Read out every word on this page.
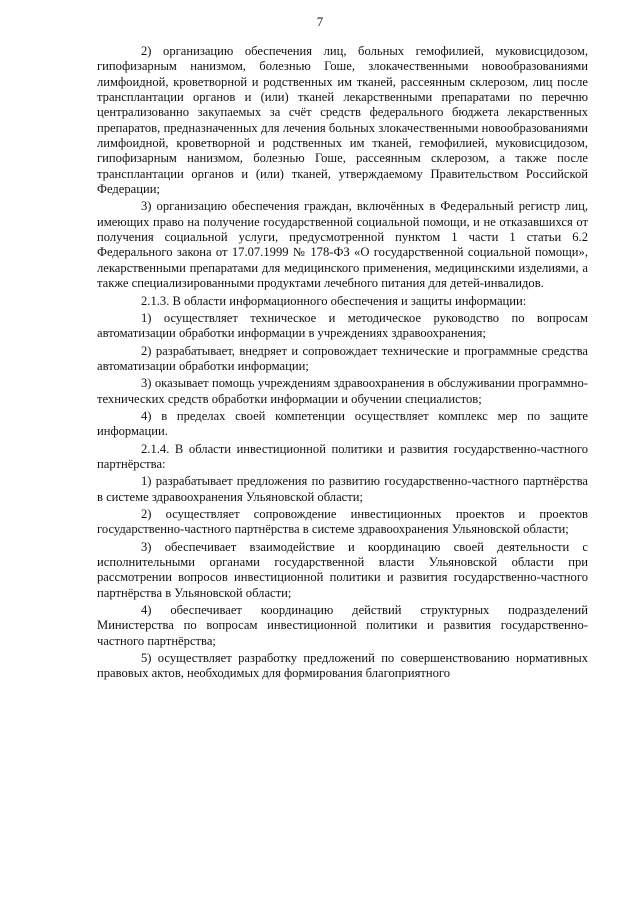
7

2) организацию обеспечения лиц, больных гемофилией, муковисцидозом, гипофизарным нанизмом, болезнью Гоше, злокачественными новообразованиями лимфоидной, кроветворной и родственных им тканей, рассеянным склерозом, лиц после трансплантации органов и (или) тканей лекарственными препаратами по перечню централизованно закупаемых за счёт средств федерального бюджета лекарственных препаратов, предназначенных для лечения больных злокачественными новообразованиями лимфоидной, кроветворной и родственных им тканей, гемофилией, муковисцидозом, гипофизарным нанизмом, болезнью Гоше, рассеянным склерозом, а также после трансплантации органов и (или) тканей, утверждаемому Правительством Российской Федерации;

3) организацию обеспечения граждан, включённых в Федеральный регистр лиц, имеющих право на получение государственной социальной помощи, и не отказавшихся от получения социальной услуги, предусмотренной пунктом 1 части 1 статьи 6.2 Федерального закона от 17.07.1999 № 178-ФЗ «О государственной социальной помощи», лекарственными препаратами для медицинского применения, медицинскими изделиями, а также специализированными продуктами лечебного питания для детей-инвалидов.

2.1.3. В области информационного обеспечения и защиты информации:

1) осуществляет техническое и методическое руководство по вопросам автоматизации обработки информации в учреждениях здравоохранения;

2) разрабатывает, внедряет и сопровождает технические и программные средства автоматизации обработки информации;

3) оказывает помощь учреждениям здравоохранения в обслуживании программно-технических средств обработки информации и обучении специалистов;

4) в пределах своей компетенции осуществляет комплекс мер по защите информации.

2.1.4. В области инвестиционной политики и развития государственно-частного партнёрства:

1) разрабатывает предложения по развитию государственно-частного партнёрства в системе здравоохранения Ульяновской области;

2) осуществляет сопровождение инвестиционных проектов и проектов государственно-частного партнёрства в системе здравоохранения Ульяновской области;

3) обеспечивает взаимодействие и координацию своей деятельности с исполнительными органами государственной власти Ульяновской области при рассмотрении вопросов инвестиционной политики и развития государственно-частного партнёрства в Ульяновской области;

4) обеспечивает координацию действий структурных подразделений Министерства по вопросам инвестиционной политики и развития государственно-частного партнёрства;

5) осуществляет разработку предложений по совершенствованию нормативных правовых актов, необходимых для формирования благоприятного
